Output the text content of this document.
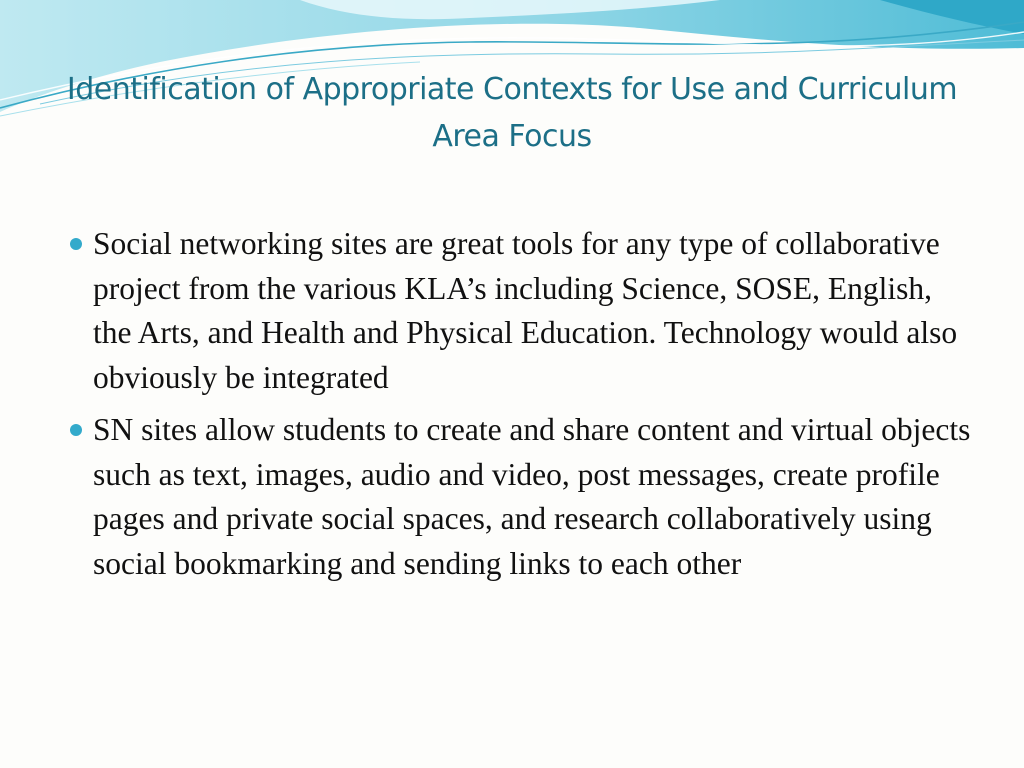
Identification of Appropriate Contexts for Use and Curriculum Area Focus
Social networking sites are great tools for any type of collaborative project from the various KLA’s including Science, SOSE, English, the Arts, and Health and Physical Education. Technology would also obviously be integrated
SN sites allow students to create and share content and virtual objects such as text, images, audio and video, post messages, create profile pages and private social spaces, and research collaboratively using social bookmarking and sending links to each other
